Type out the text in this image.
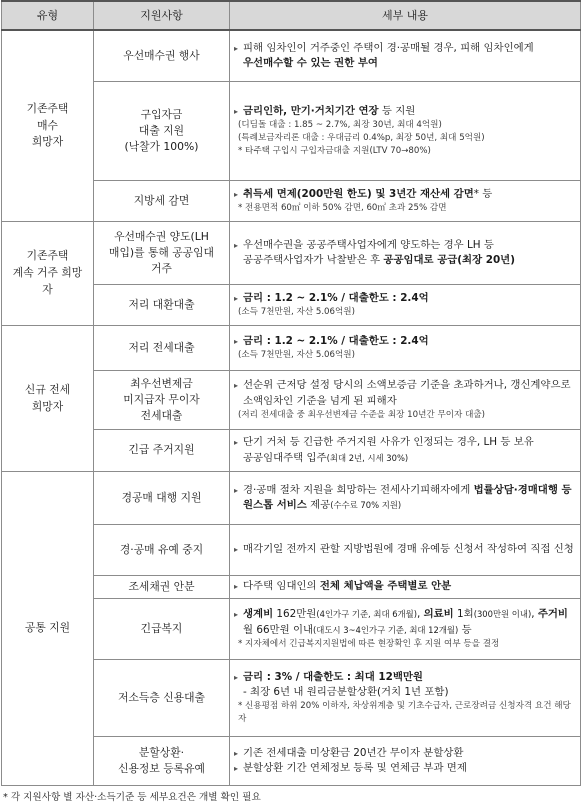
유형	지원사항	세부 내용
기존주택
매수
희망자	우선매수권 행사	▸ 피해 임차인이 거주중인 주택이 경·공매될 경우, 피해 임차인에게 우선매수할 수 있는 권한 부여

	구입자금
대출 지원
(낙찰가 100%)	▸ 금리인하, 만기·거치기간 연장 등 지원
(디딤돌 대출 : 1.85 ~ 2.7%, 최장 30년, 최대 4억원)
(특례보금자리론 대출 : 우대금리 0.4%p, 최장 50년, 최대 5억원)
* 타주택 구입시 구입자금대출 지원(LTV 70→80%)

	지방세 감면	▸ 취득세 면제(200만원 한도) 및 3년간 재산세 감면* 등
* 전용면적 60㎡ 이하 50% 감면, 60㎡ 초과 25% 감면

기존주택
계속 거주 희망
자	우선매수권 양도(LH
매입)를 통해 공공임대
거주	▸ 우선매수권을 공공주택사업자에게 양도하는 경우 LH 등 공공주택사업자가 낙찰받은 후 공공임대로 공급(최장 20년)

	저리 대환대출	▸ 금리 : 1.2 ~ 2.1% / 대출한도 : 2.4억
(소득 7천만원, 자산 5.06억원)

신규 전세
희망자	저리 전세대출	▸ 금리 : 1.2 ~ 2.1% / 대출한도 : 2.4억
(소득 7천만원, 자산 5.06억원)

	최우선변제금
미지급자 무이자
전세대출	▸ 선순위 근저당 설정 당시의 소액보증금 기준을 초과하거나, 갱신계약으로 소액임차인 기준을 넘게 된 피해자
(저리 전세대출 중 최우선변제금 수준을 최장 10년간 무이자 대출)

	긴급 주거지원	▸ 단기 거처 등 긴급한 주거지원 사유가 인정되는 경우, LH 등 보유 공공임대주택 입주(최대 2년, 시세 30%)

공통 지원	경공매 대행 지원	▸ 경·공매 절차 지원을 희망하는 전세사기피해자에게 법률상담·경매대행 등 원스톱 서비스 제공(수수료 70% 지원)

	경·공매 유예 중지	▸ 매각기일 전까지 관할 지방법원에 경매 유예등 신청서 작성하여 직접 신청

	조세채권 안분	▸ 다주택 임대인의 전체 체납액을 주택별로 안분

	긴급복지	▸ 생계비 162만원(4인가구 기준, 최대 6개월), 의료비 1회(300만원 이내), 주거비 월 66만원 이내(대도시 3~4인가구 기준, 최대 12개월) 등
* 지자체에서 긴급복지지원법에 따른 현장확인 후 지원 여부 등을 결정

	저소득층 신용대출	▸ 금리 : 3% / 대출한도 : 최대 12백만원
- 최장 6년 내 원리금분할상환(거치 1년 포함)
* 신용평점 하위 20% 이하자, 차상위계층 및 기초수급자, 근로장려금 신청자격 요건 해당자

	분할상환·
신용정보 등록유예	▸ 기존 전세대출 미상환금 20년간 무이자 분할상환
▸ 분할상환 기간 연체정보 등록 및 연체금 부과 면제
* 각 지원사항 별 자산·소득기준 등 세부요건은 개별 확인 필요
